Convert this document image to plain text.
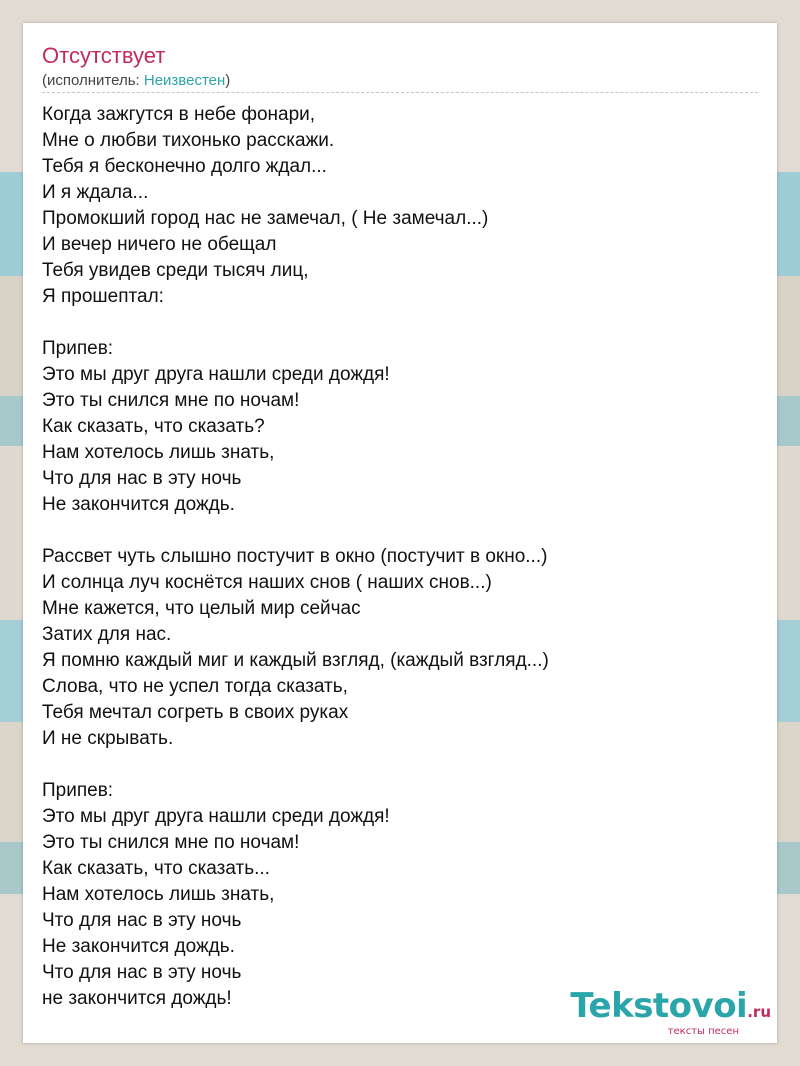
Отсутствует
(исполнитель: Неизвестен)
Когда зажгутся в небе фонари,
Мне о любви тихонько расскажи.
Тебя я бесконечно долго ждал...
И я ждала...
Промокший город нас не замечал, ( Не замечал...)
И вечер ничего не обещал
Тебя увидев среди тысяч лиц,
Я прошептал:
Припев:
Это мы друг друга нашли среди дождя!
Это ты снился мне по ночам!
Как сказать, что сказать?
Нам хотелось лишь знать,
Что для нас в эту ночь
Не закончится дождь.
Рассвет чуть слышно постучит в окно (постучит в окно...)
И солнца луч коснётся наших снов ( наших снов...)
Мне кажется, что целый мир сейчас
Затих для нас.
Я помню каждый миг и каждый взгляд, (каждый взгляд...)
Слова, что не успел тогда сказать,
Тебя мечтал согреть в своих руках
И не скрывать.
Припев:
Это мы друг друга нашли среди дождя!
Это ты снился мне по ночам!
Как сказать, что сказать...
Нам хотелось лишь знать,
Что для нас в эту ночь
Не закончится дождь.
Что для нас в эту ночь
не закончится дождь!	Tekstovoi.ru
тексты песен
